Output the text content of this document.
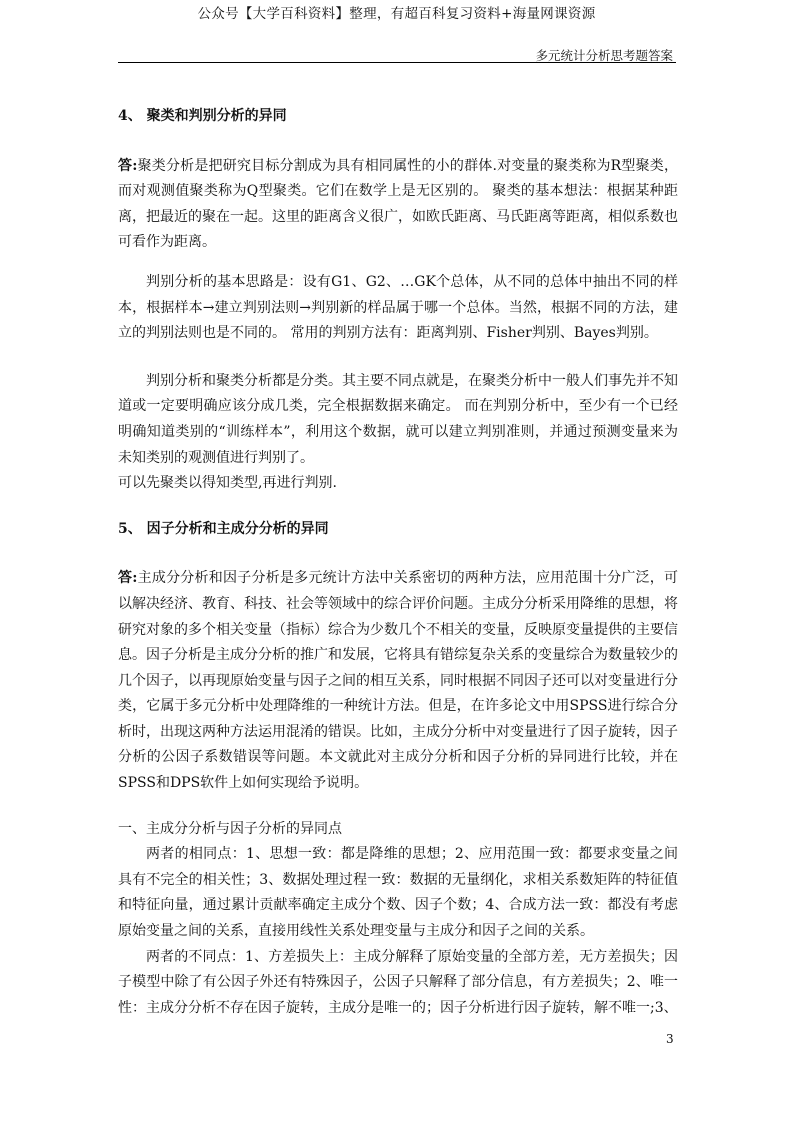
公众号【大学百科资料】整理，有超百科复习资料+海量网课资源
多元统计分析思考题答案

4、 聚类和判别分析的异同

答:聚类分析是把研究目标分割成为具有相同属性的小的群体.对变量的聚类称为R型聚类，而对观测值聚类称为Q型聚类。它们在数学上是无区别的。 聚类的基本想法：根据某种距离，把最近的聚在一起。这里的距离含义很广，如欧氏距离、马氏距离等距离，相似系数也可看作为距离。

判别分析的基本思路是：设有G1、G2、…GK个总体，从不同的总体中抽出不同的样本，根据样本→建立判别法则→判别新的样品属于哪一个总体。当然，根据不同的方法，建立的判别法则也是不同的。 常用的判别方法有：距离判别、Fisher判别、Bayes判别。

判别分析和聚类分析都是分类。其主要不同点就是，在聚类分析中一般人们事先并不知道或一定要明确应该分成几类，完全根据数据来确定。 而在判别分析中，至少有一个已经明确知道类别的“训练样本”，利用这个数据，就可以建立判别准则，并通过预测变量来为未知类别的观测值进行判别了。

可以先聚类以得知类型,再进行判别.

5、 因子分析和主成分分析的异同

答:主成分分析和因子分析是多元统计方法中关系密切的两种方法，应用范围十分广泛，可以解决经济、教育、科技、社会等领域中的综合评价问题。主成分分析采用降维的思想，将研究对象的多个相关变量（指标）综合为少数几个不相关的变量，反映原变量提供的主要信息。因子分析是主成分分析的推广和发展，它将具有错综复杂关系的变量综合为数量较少的几个因子，以再现原始变量与因子之间的相互关系，同时根据不同因子还可以对变量进行分类，它属于多元分析中处理降维的一种统计方法。但是，在许多论文中用SPSS进行综合分析时，出现这两种方法运用混淆的错误。比如，主成分分析中对变量进行了因子旋转，因子分析的公因子系数错误等问题。本文就此对主成分分析和因子分析的异同进行比较，并在SPSS和DPS软件上如何实现给予说明。

一、主成分分析与因子分析的异同点

两者的相同点：1、思想一致：都是降维的思想；2、应用范围一致：都要求变量之间具有不完全的相关性；3、数据处理过程一致：数据的无量纲化，求相关系数矩阵的特征值和特征向量，通过累计贡献率确定主成分个数、因子个数；4、合成方法一致：都没有考虑原始变量之间的关系，直接用线性关系处理变量与主成分和因子之间的关系。

两者的不同点：1、方差损失上：主成分解释了原始变量的全部方差，无方差损失；因子模型中除了有公因子外还有特殊因子，公因子只解释了部分信息，有方差损失；2、唯一性：主成分分析不存在因子旋转，主成分是唯一的；因子分析进行因子旋转，解不唯一;3、

3
